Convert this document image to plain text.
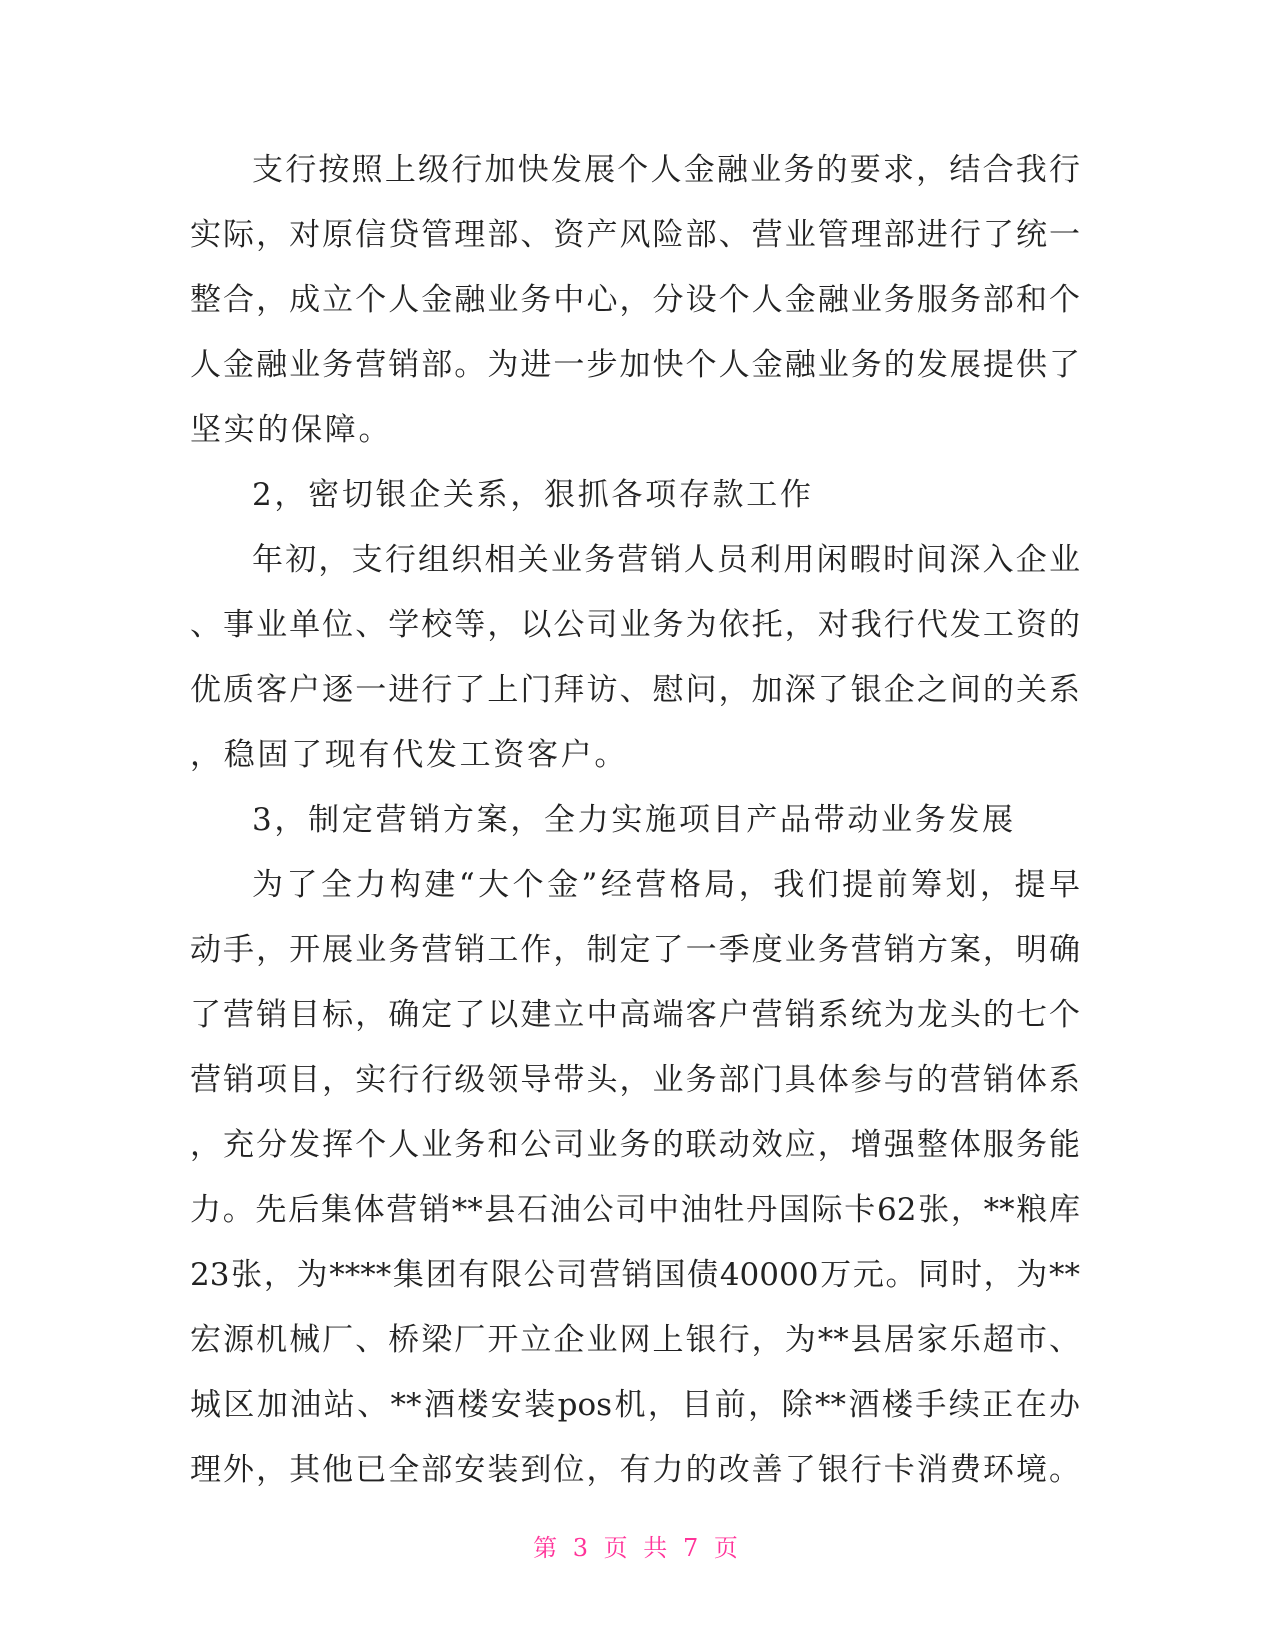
支行按照上级行加快发展个人金融业务的要求，结合我行
实际，对原信贷管理部、资产风险部、营业管理部进行了统一
整合，成立个人金融业务中心，分设个人金融业务服务部和个
人金融业务营销部。为进一步加快个人金融业务的发展提供了
坚实的保障。
2，密切银企关系，狠抓各项存款工作
年初，支行组织相关业务营销人员利用闲暇时间深入企业
、事业单位、学校等，以公司业务为依托，对我行代发工资的
优质客户逐一进行了上门拜访、慰问，加深了银企之间的关系
，稳固了现有代发工资客户。
3，制定营销方案，全力实施项目产品带动业务发展
为了全力构建“大个金”经营格局，我们提前筹划，提早
动手，开展业务营销工作，制定了一季度业务营销方案，明确
了营销目标，确定了以建立中高端客户营销系统为龙头的七个
营销项目，实行行级领导带头，业务部门具体参与的营销体系
，充分发挥个人业务和公司业务的联动效应，增强整体服务能
力。先后集体营销**县石油公司中油牡丹国际卡62张，**粮库
23张，为****集团有限公司营销国债40000万元。同时，为**
宏源机械厂、桥梁厂开立企业网上银行，为**县居家乐超市、
城区加油站、**酒楼安装pos机，目前，除**酒楼手续正在办
理外，其他已全部安装到位，有力的改善了银行卡消费环境。
第 3 页 共 7 页
